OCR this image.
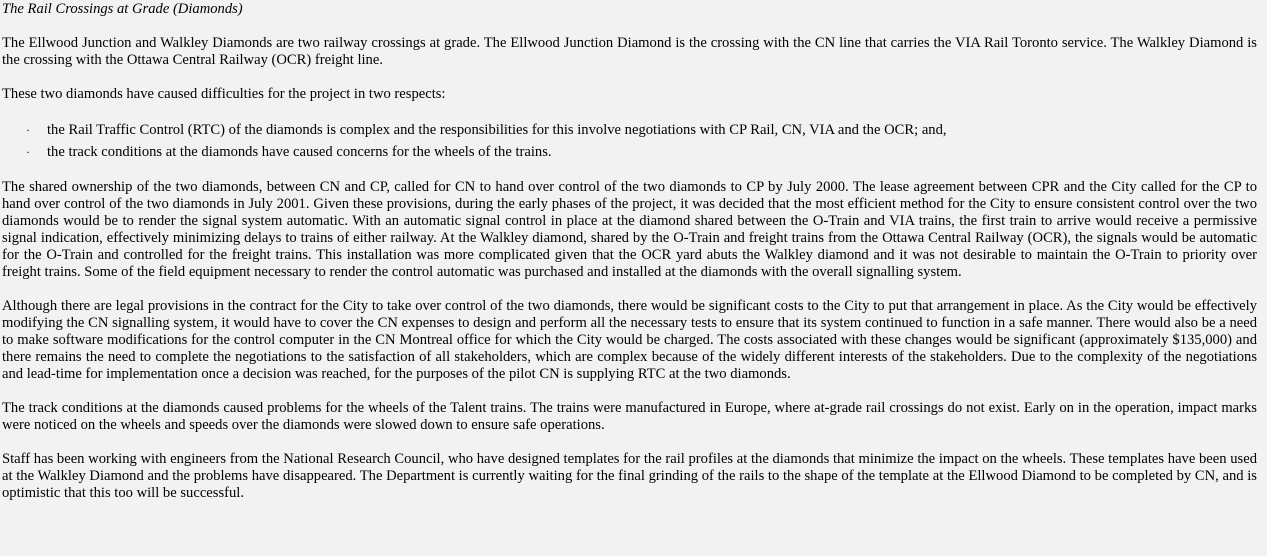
The Rail Crossings at Grade (Diamonds)

The Ellwood Junction and Walkley Diamonds are two railway crossings at grade. The Ellwood Junction Diamond is the crossing with the CN line that carries the VIA Rail Toronto service. The Walkley Diamond is the crossing with the Ottawa Central Railway (OCR) freight line.

These two diamonds have caused difficulties for the project in two respects:

· the Rail Traffic Control (RTC) of the diamonds is complex and the responsibilities for this involve negotiations with CP Rail, CN, VIA and the OCR; and,
· the track conditions at the diamonds have caused concerns for the wheels of the trains.

The shared ownership of the two diamonds, between CN and CP, called for CN to hand over control of the two diamonds to CP by July 2000. The lease agreement between CPR and the City called for the CP to hand over control of the two diamonds in July 2001. Given these provisions, during the early phases of the project, it was decided that the most efficient method for the City to ensure consistent control over the two diamonds would be to render the signal system automatic. With an automatic signal control in place at the diamond shared between the O-Train and VIA trains, the first train to arrive would receive a permissive signal indication, effectively minimizing delays to trains of either railway. At the Walkley diamond, shared by the O-Train and freight trains from the Ottawa Central Railway (OCR), the signals would be automatic for the O-Train and controlled for the freight trains. This installation was more complicated given that the OCR yard abuts the Walkley diamond and it was not desirable to maintain the O-Train to priority over freight trains. Some of the field equipment necessary to render the control automatic was purchased and installed at the diamonds with the overall signalling system.

Although there are legal provisions in the contract for the City to take over control of the two diamonds, there would be significant costs to the City to put that arrangement in place. As the City would be effectively modifying the CN signalling system, it would have to cover the CN expenses to design and perform all the necessary tests to ensure that its system continued to function in a safe manner. There would also be a need to make software modifications for the control computer in the CN Montreal office for which the City would be charged. The costs associated with these changes would be significant (approximately $135,000) and there remains the need to complete the negotiations to the satisfaction of all stakeholders, which are complex because of the widely different interests of the stakeholders. Due to the complexity of the negotiations and lead-time for implementation once a decision was reached, for the purposes of the pilot CN is supplying RTC at the two diamonds.

The track conditions at the diamonds caused problems for the wheels of the Talent trains. The trains were manufactured in Europe, where at-grade rail crossings do not exist. Early on in the operation, impact marks were noticed on the wheels and speeds over the diamonds were slowed down to ensure safe operations.

Staff has been working with engineers from the National Research Council, who have designed templates for the rail profiles at the diamonds that minimize the impact on the wheels. These templates have been used at the Walkley Diamond and the problems have disappeared. The Department is currently waiting for the final grinding of the rails to the shape of the template at the Ellwood Diamond to be completed by CN, and is optimistic that this too will be successful.
